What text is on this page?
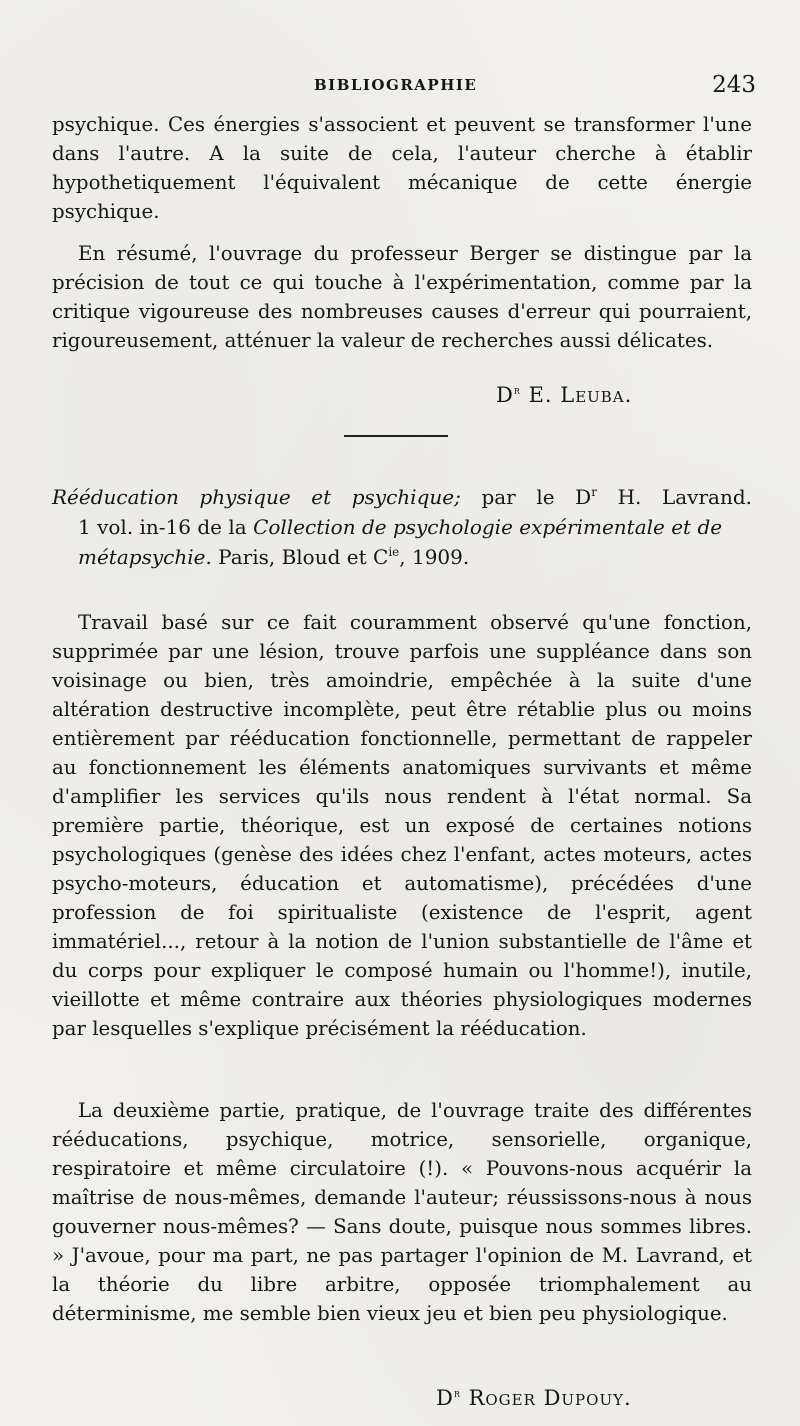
BIBLIOGRAPHIE	243

psychique. Ces énergies s'associent et peuvent se transformer l'une dans l'autre. A la suite de cela, l'auteur cherche à établir hypothetiquement l'équivalent mécanique de cette énergie psychique.

En résumé, l'ouvrage du professeur Berger se distingue par la précision de tout ce qui touche à l'expérimentation, comme par la critique vigoureuse des nombreuses causes d'erreur qui pourraient, rigoureusement, atténuer la valeur de recherches aussi délicates.

$D^r$ E. Leuba.
Rééducation physique et psychique; par le $D^r$ H. Lavrand.
1 vol. in-16 de la Collection de psychologie expérimentale et de métapsychie. Paris, Bloud et $C^{ie}$, 1909.

Travail basé sur ce fait couramment observé qu'une fonction, supprimée par une lésion, trouve parfois une suppléance dans son voisinage ou bien, très amoindrie, empêchée à la suite d'une altération destructive incomplète, peut être rétablie plus ou moins entièrement par rééducation fonctionnelle, permettant de rappeler au fonctionnement les éléments anatomiques survivants et même d'amplifier les services qu'ils nous rendent à l'état normal. Sa première partie, théorique, est un exposé de certaines notions psychologiques (genèse des idées chez l'enfant, actes moteurs, actes psycho-moteurs, éducation et automatisme), précédées d'une profession de foi spiritualiste (existence de l'esprit, agent immatériel..., retour à la notion de l'union substantielle de l'âme et du corps pour expliquer le composé humain ou l'homme!), inutile, vieillotte et même contraire aux théories physiologiques modernes par lesquelles s'explique précisément la rééducation.

La deuxième partie, pratique, de l'ouvrage traite des différentes rééducations, psychique, motrice, sensorielle, organique, respiratoire et même circulatoire (!). « Pouvons-nous acquérir la maîtrise de nous-mêmes, demande l'auteur; réussissons-nous à nous gouverner nous-mêmes? — Sans doute, puisque nous sommes libres. » J'avoue, pour ma part, ne pas partager l'opinion de M. Lavrand, et la théorie du libre arbitre, opposée triomphalement au déterminisme, me semble bien vieux jeu et bien peu physiologique.

$D^r$ Roger Dupouy.
